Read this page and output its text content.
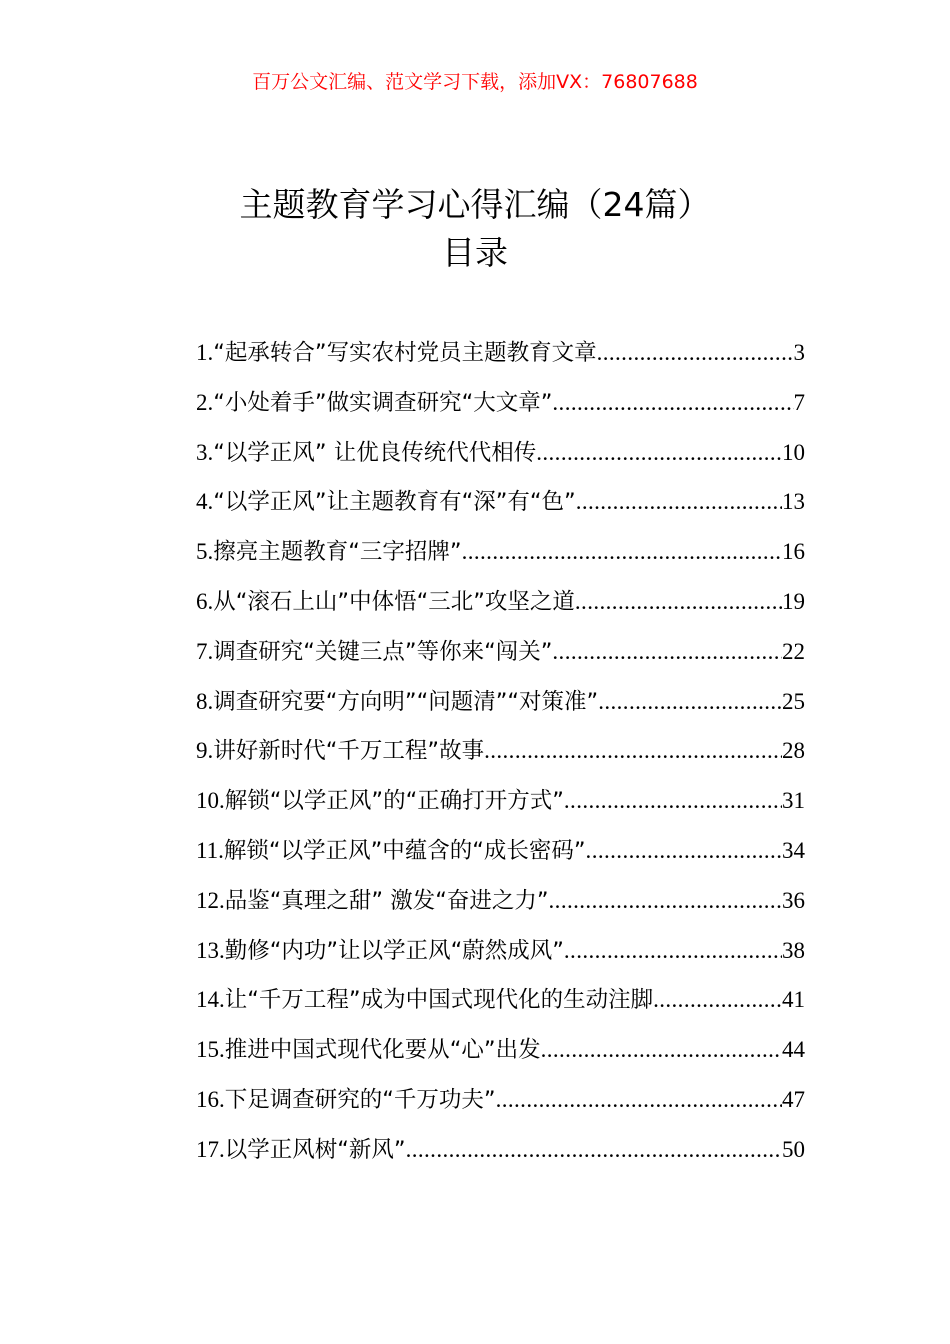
百万公文汇编、范文学习下载，添加VX：76807688
主题教育学习心得汇编（24篇）
目录
1. “起承转合”写实农村党员主题教育文章 .....	3
2. “小处着手”做实调查研究“大文章” .....	7
3. “以学正风” 让优良传统代代相传 .....	10
4. “以学正风”让主题教育有“深”有“色” .....	13
5. 擦亮主题教育“三字招牌” .....	16
6. 从“滚石上山”中体悟“三北”攻坚之道 .....	19
7. 调查研究“关键三点”等你来“闯关” .....	22
8. 调查研究要“方向明”“问题清”“对策准” .....	25
9. 讲好新时代“千万工程”故事 .....	28
10. 解锁“以学正风”的“正确打开方式” .....	31
11. 解锁“以学正风”中蕴含的“成长密码” .....	34
12. 品鉴“真理之甜” 激发“奋进之力” .....	36
13. 勤修“内功”让以学正风“蔚然成风” .....	38
14. 让“千万工程”成为中国式现代化的生动注脚 .....	41
15. 推进中国式现代化要从“心”出发 .....	44
16. 下足调查研究的“千万功夫” .....	47
17. 以学正风树“新风” .....	50
